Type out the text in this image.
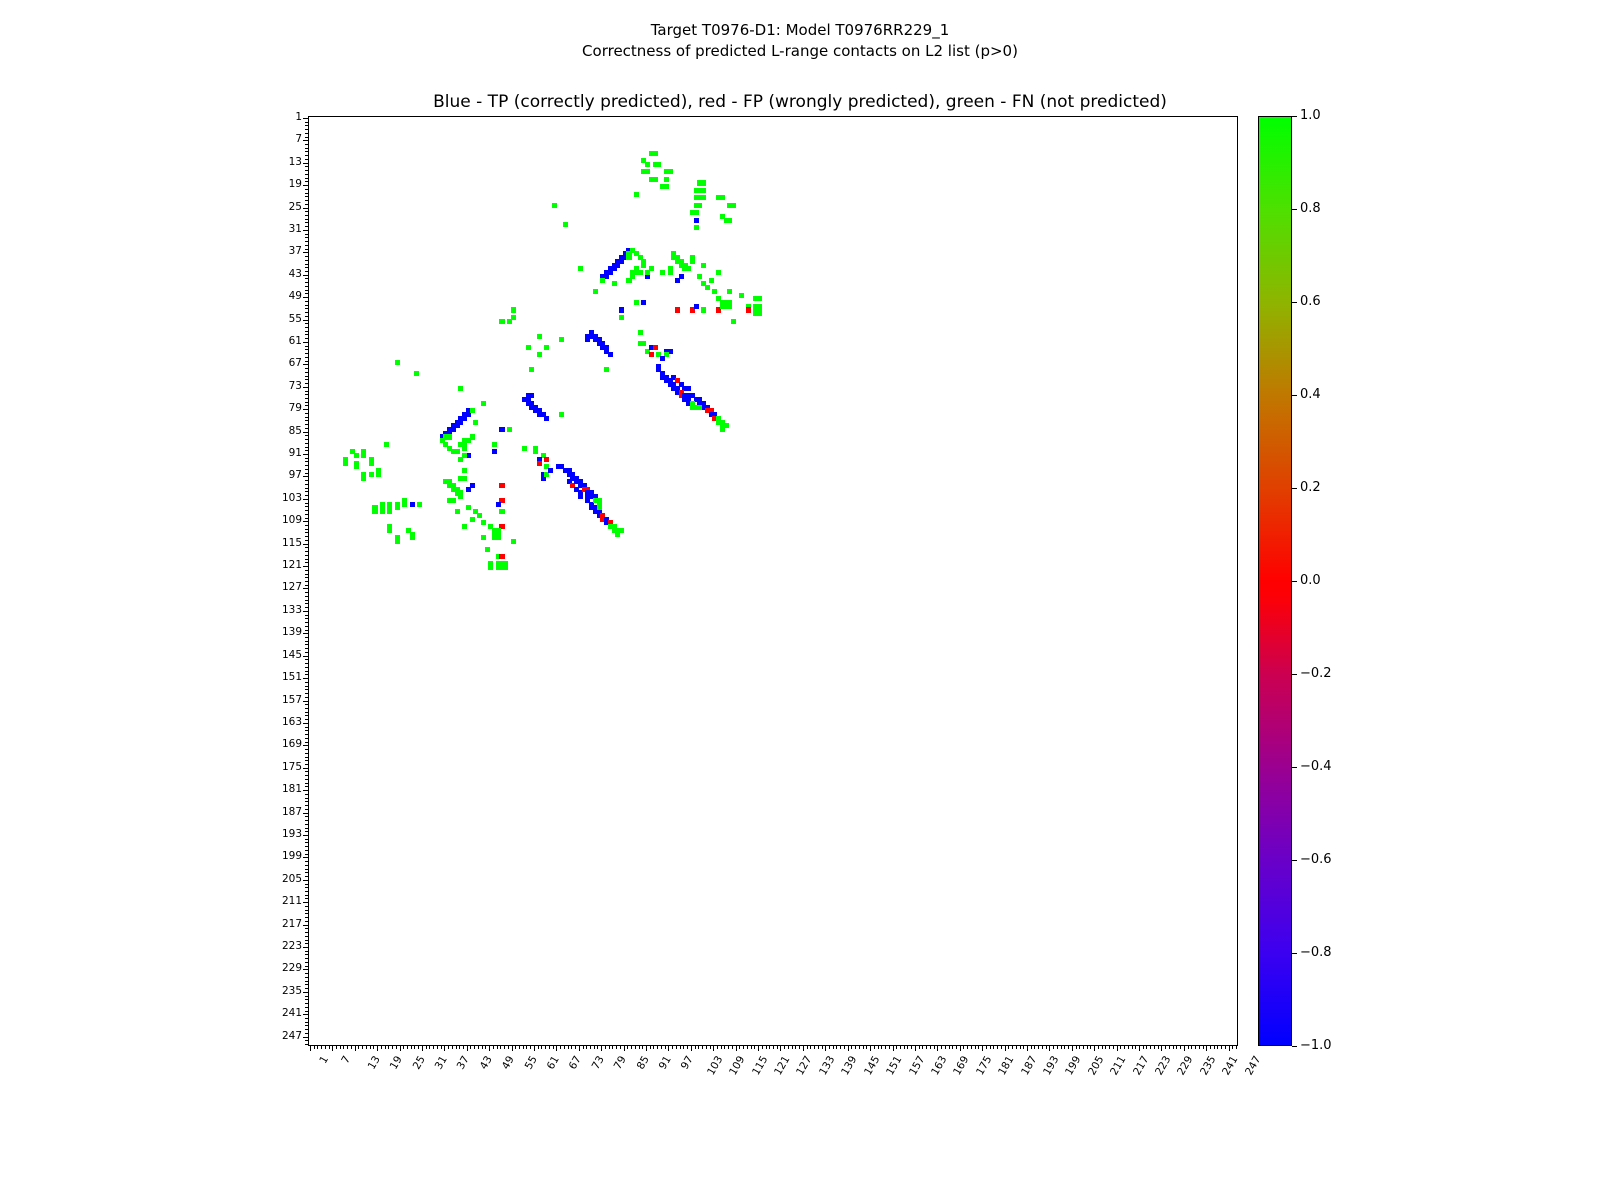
Target T0976-D1: Model T0976RR229_1
Correctness of predicted L-range contacts on L2 list (p>0)
Blue - TP (correctly predicted), red - FP (wrongly predicted), green - FN (not predicted)
1
7
13
19
25
31
37
43
49
55
61
67
73
79
85
91
97
103
109
115
121
127
133
139
145
151
157
163
169
175
181
187
193
199
205
211
217
223
229
235
241
247
1 7 13 19 25 31 37 43 49 55 61 67 73 79 85 91 97 103 109 115 121 127 133 139 145 151 157 163 169 175 181 187 193 199 205 211 217 223 229 235 241 247
1.0
0.8
0.6
0.4
0.2
0.0
−0.2
−0.4
−0.6
−0.8
−1.0
